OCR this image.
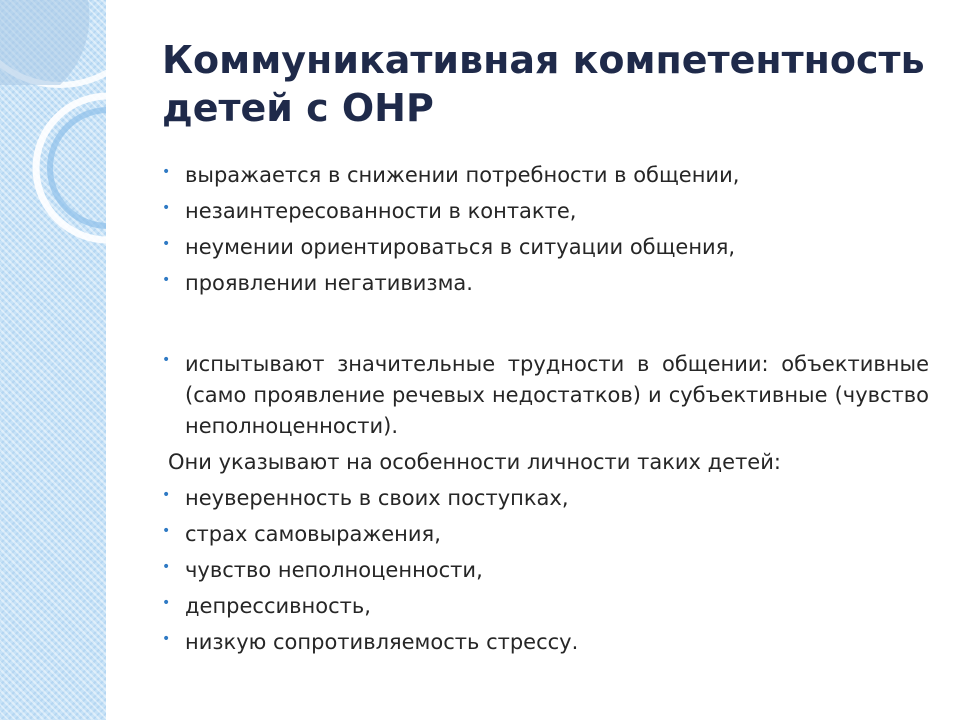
Коммуникативная компетентность детей с ОНР
• выражается в снижении потребности в общении,
• незаинтересованности в контакте,
• неумении ориентироваться в ситуации общения,
• проявлении негативизма.
• испытывают значительные трудности в общении: объективные (само проявление речевых недостатков) и субъективные (чувство неполноценности).

Они указывают на особенности личности таких детей:

• неуверенность в своих поступках,
• страх самовыражения,
• чувство неполноценности,
• депрессивность,
• низкую сопротивляемость стрессу.
